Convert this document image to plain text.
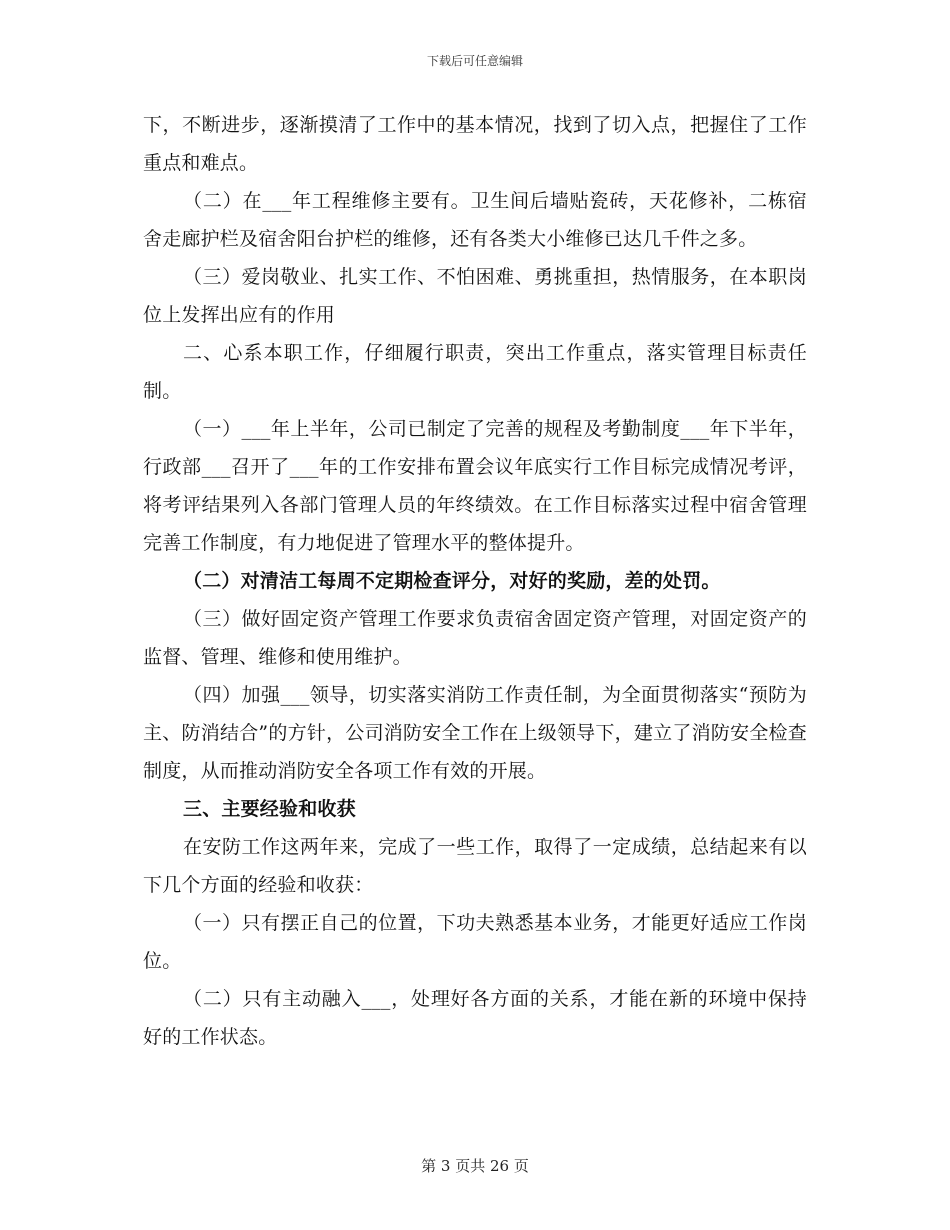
下载后可任意编辑

下，不断进步，逐渐摸清了工作中的基本情况，找到了切入点，把握住了工作重点和难点。

（二）在___年工程维修主要有。卫生间后墙贴瓷砖，天花修补，二栋宿舍走廊护栏及宿舍阳台护栏的维修，还有各类大小维修已达几千件之多。

（三）爱岗敬业、扎实工作、不怕困难、勇挑重担，热情服务，在本职岗位上发挥出应有的作用

二、心系本职工作，仔细履行职责，突出工作重点，落实管理目标责任制。

（一）___年上半年，公司已制定了完善的规程及考勤制度___年下半年，行政部___召开了___年的工作安排布置会议年底实行工作目标完成情况考评，将考评结果列入各部门管理人员的年终绩效。在工作目标落实过程中宿舍管理完善工作制度，有力地促进了管理水平的整体提升。

（二）对清洁工每周不定期检查评分，对好的奖励，差的处罚。

（三）做好固定资产管理工作要求负责宿舍固定资产管理，对固定资产的监督、管理、维修和使用维护。

（四）加强___领导，切实落实消防工作责任制，为全面贯彻落实“预防为主、防消结合”的方针，公司消防安全工作在上级领导下，建立了消防安全检查制度，从而推动消防安全各项工作有效的开展。

三、主要经验和收获

在安防工作这两年来，完成了一些工作，取得了一定成绩，总结起来有以下几个方面的经验和收获：

（一）只有摆正自己的位置，下功夫熟悉基本业务，才能更好适应工作岗位。

（二）只有主动融入___，处理好各方面的关系，才能在新的环境中保持好的工作状态。

第 3 页共 26 页
